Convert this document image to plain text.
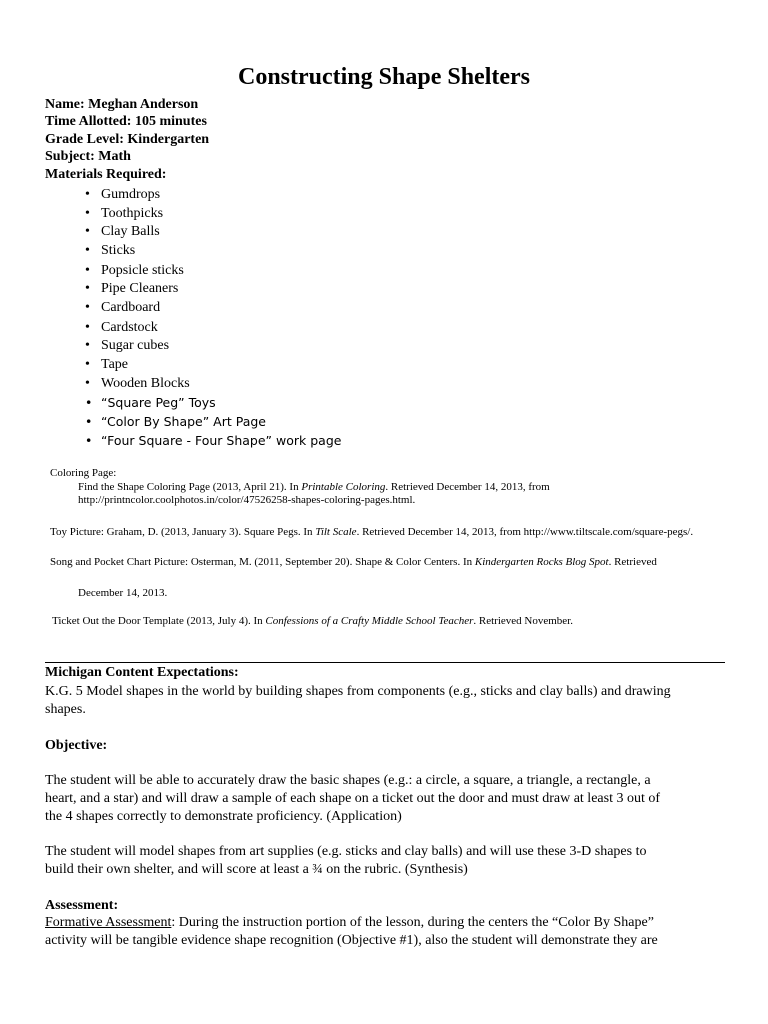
Constructing Shape Shelters
Name: Meghan Anderson
Time Allotted: 105 minutes
Grade Level: Kindergarten
Subject: Math
Materials Required:
• Gumdrops
• Toothpicks
• Clay Balls
• Sticks
• Popsicle sticks
• Pipe Cleaners
• Cardboard
• Cardstock
• Sugar cubes
• Tape
• Wooden Blocks
• “Square Peg” Toys
• “Color By Shape” Art Page
• “Four Square - Four Shape” work page
Coloring Page:
Find the Shape Coloring Page (2013, April 21). In Printable Coloring. Retrieved December 14, 2013, from
http://printncolor.coolphotos.in/color/47526258-shapes-coloring-pages.html.
Toy Picture: Graham, D. (2013, January 3). Square Pegs. In Tilt Scale. Retrieved December 14, 2013, from http://www.tiltscale.com/square-pegs/.
Song and Pocket Chart Picture: Osterman, M. (2011, September 20). Shape & Color Centers. In Kindergarten Rocks Blog Spot. Retrieved
December 14, 2013.
Ticket Out the Door Template (2013, July 4). In Confessions of a Crafty Middle School Teacher. Retrieved November.
Michigan Content Expectations:
K.G. 5 Model shapes in the world by building shapes from components (e.g., sticks and clay balls) and drawing
shapes.
Objective:
The student will be able to accurately draw the basic shapes (e.g.: a circle, a square, a triangle, a rectangle, a
heart, and a star) and will draw a sample of each shape on a ticket out the door and must draw at least 3 out of
the 4 shapes correctly to demonstrate proficiency. (Application)
The student will model shapes from art supplies (e.g. sticks and clay balls) and will use these 3-D shapes to
build their own shelter, and will score at least a ¾ on the rubric. (Synthesis)
Assessment:
Formative Assessment: During the instruction portion of the lesson, during the centers the “Color By Shape”
activity will be tangible evidence shape recognition (Objective #1), also the student will demonstrate they are
